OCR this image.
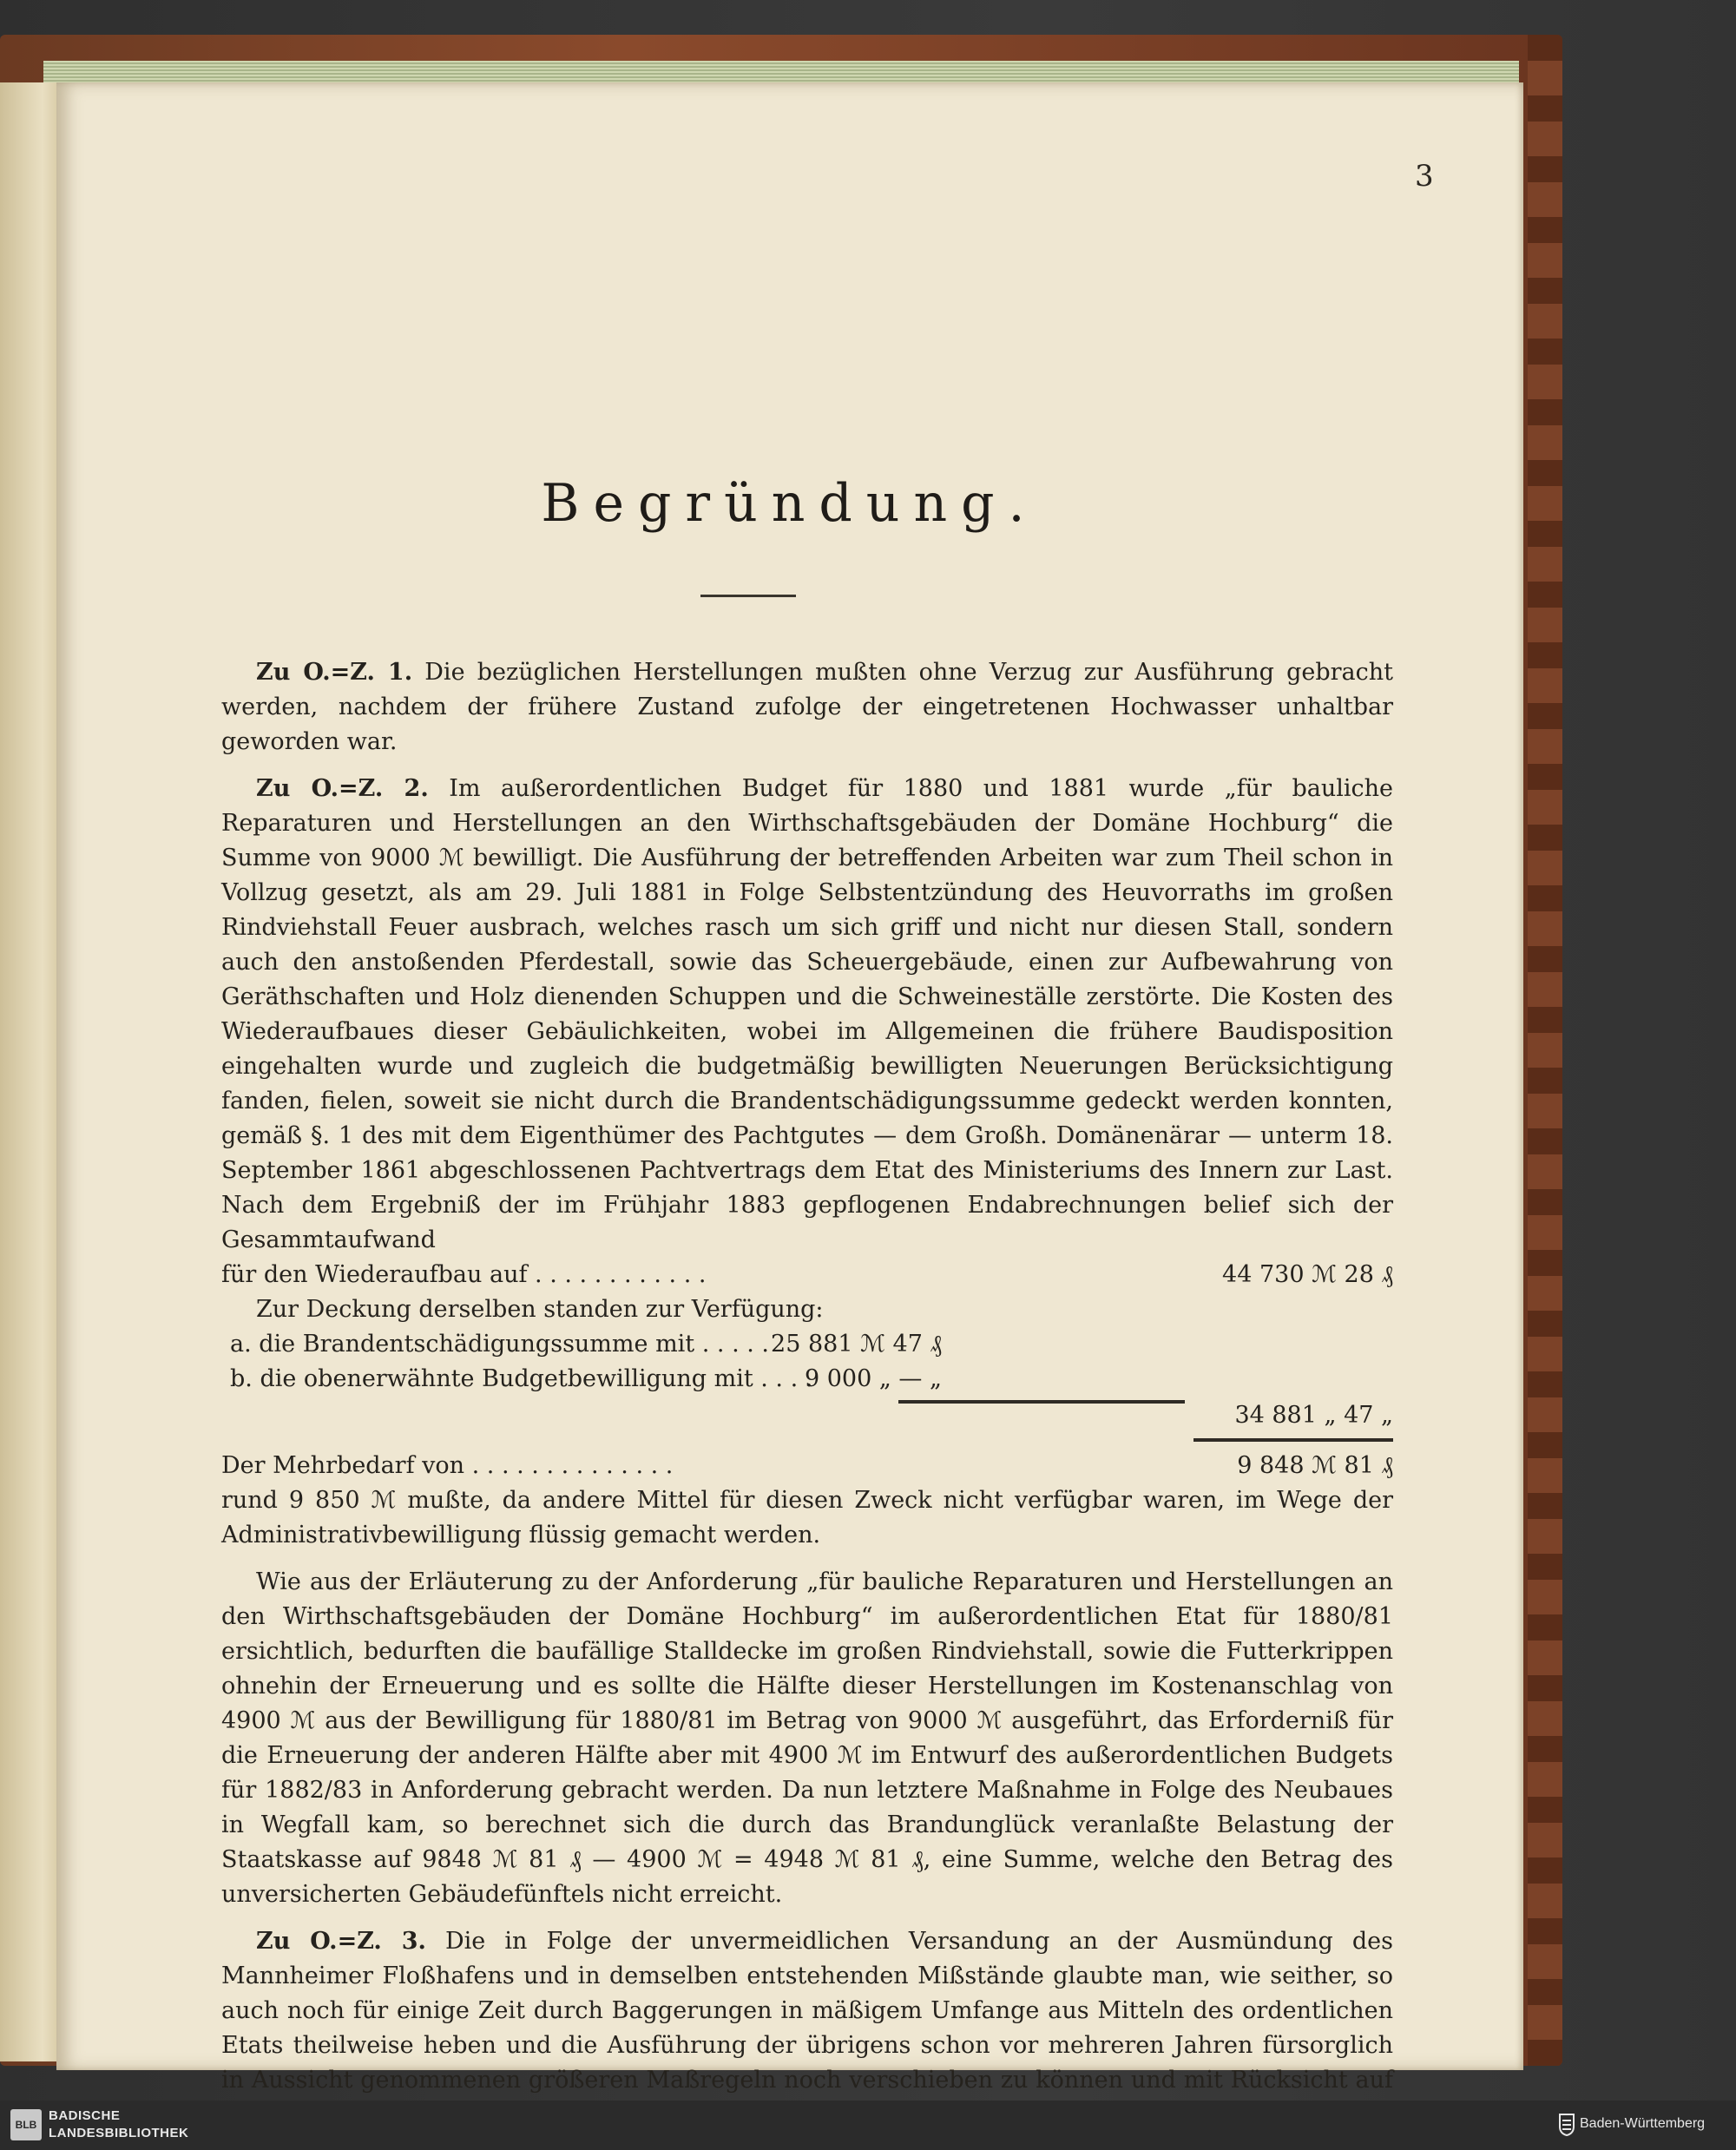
3
Begründung.

Zu O.=Z. 1. Die bezüglichen Herstellungen mußten ohne Verzug zur Ausführung gebracht werden, nachdem der frühere Zustand zufolge der eingetretenen Hochwasser unhaltbar geworden war.

Zu O.=Z. 2. Im außerordentlichen Budget für 1880 und 1881 wurde „für bauliche Reparaturen und Herstellungen an den Wirthschaftsgebäuden der Domäne Hochburg“ die Summe von 9000 ℳ bewilligt. Die Ausführung der betreffenden Arbeiten war zum Theil schon in Vollzug gesetzt, als am 29. Juli 1881 in Folge Selbstentzündung des Heuvorraths im großen Rindviehstall Feuer ausbrach, welches rasch um sich griff und nicht nur diesen Stall, sondern auch den anstoßenden Pferdestall, sowie das Scheuergebäude, einen zur Aufbewahrung von Geräthschaften und Holz dienenden Schuppen und die Schweineställe zerstörte. Die Kosten des Wiederaufbaues dieser Gebäulichkeiten, wobei im Allgemeinen die frühere Baudisposition eingehalten wurde und zugleich die budgetmäßig bewilligten Neuerungen Berücksichtigung fanden, fielen, soweit sie nicht durch die Brandentschädigungssumme gedeckt werden konnten, gemäß §. 1 des mit dem Eigenthümer des Pachtgutes — dem Großh. Domänenärar — unterm 18. September 1861 abgeschlossenen Pachtvertrags dem Etat des Ministeriums des Innern zur Last. Nach dem Ergebniß der im Frühjahr 1883 gepflogenen Endabrechnungen belief sich der Gesammtaufwand

für den Wiederaufbau auf . . . . . . . . . . . .	44 730 ℳ 28 ₰

Zur Deckung derselben standen zur Verfügung:

a. die Brandentschädigungssumme mit . . . . . 25 881 ℳ 47 ₰
b. die obenerwähnte Budgetbewilligung mit . . . .
9 000 „ — „
34 881 „ 47 „
Der Mehrbedarf von . . . . . . . . . . . . . .	9 848 ℳ 81 ₰

rund 9 850 ℳ mußte, da andere Mittel für diesen Zweck nicht verfügbar waren, im Wege der Administrativbewilligung flüssig gemacht werden.

Wie aus der Erläuterung zu der Anforderung „für bauliche Reparaturen und Herstellungen an den Wirthschaftsgebäuden der Domäne Hochburg“ im außerordentlichen Etat für 1880/81 ersichtlich, bedurften die baufällige Stalldecke im großen Rindviehstall, sowie die Futterkrippen ohnehin der Erneuerung und es sollte die Hälfte dieser Herstellungen im Kostenanschlag von 4900 ℳ aus der Bewilligung für 1880/81 im Betrag von 9000 ℳ ausgeführt, das Erforderniß für die Erneuerung der anderen Hälfte aber mit 4900 ℳ im Entwurf des außerordentlichen Budgets für 1882/83 in Anforderung gebracht werden. Da nun letztere Maßnahme in Folge des Neubaues in Wegfall kam, so berechnet sich die durch das Brandunglück veranlaßte Belastung der Staatskasse auf 9848 ℳ 81 ₰ — 4900 ℳ = 4948 ℳ 81 ₰, eine Summe, welche den Betrag des unversicherten Gebäudefünftels nicht erreicht.

Zu O.=Z. 3. Die in Folge der unvermeidlichen Versandung an der Ausmündung des Mannheimer Floßhafens und in demselben entstehenden Mißstände glaubte man, wie seither, so auch noch für einige Zeit durch Baggerungen in mäßigem Umfange aus Mitteln des ordentlichen Etats theilweise heben und die Ausführung der übrigens schon vor mehreren Jahren fürsorglich in Aussicht genommenen größeren Maßregeln noch verschieben zu können und mit Rücksicht auf

BLB
BADISCHE
LANDESBIBLIOTHEK
Baden-Württemberg
